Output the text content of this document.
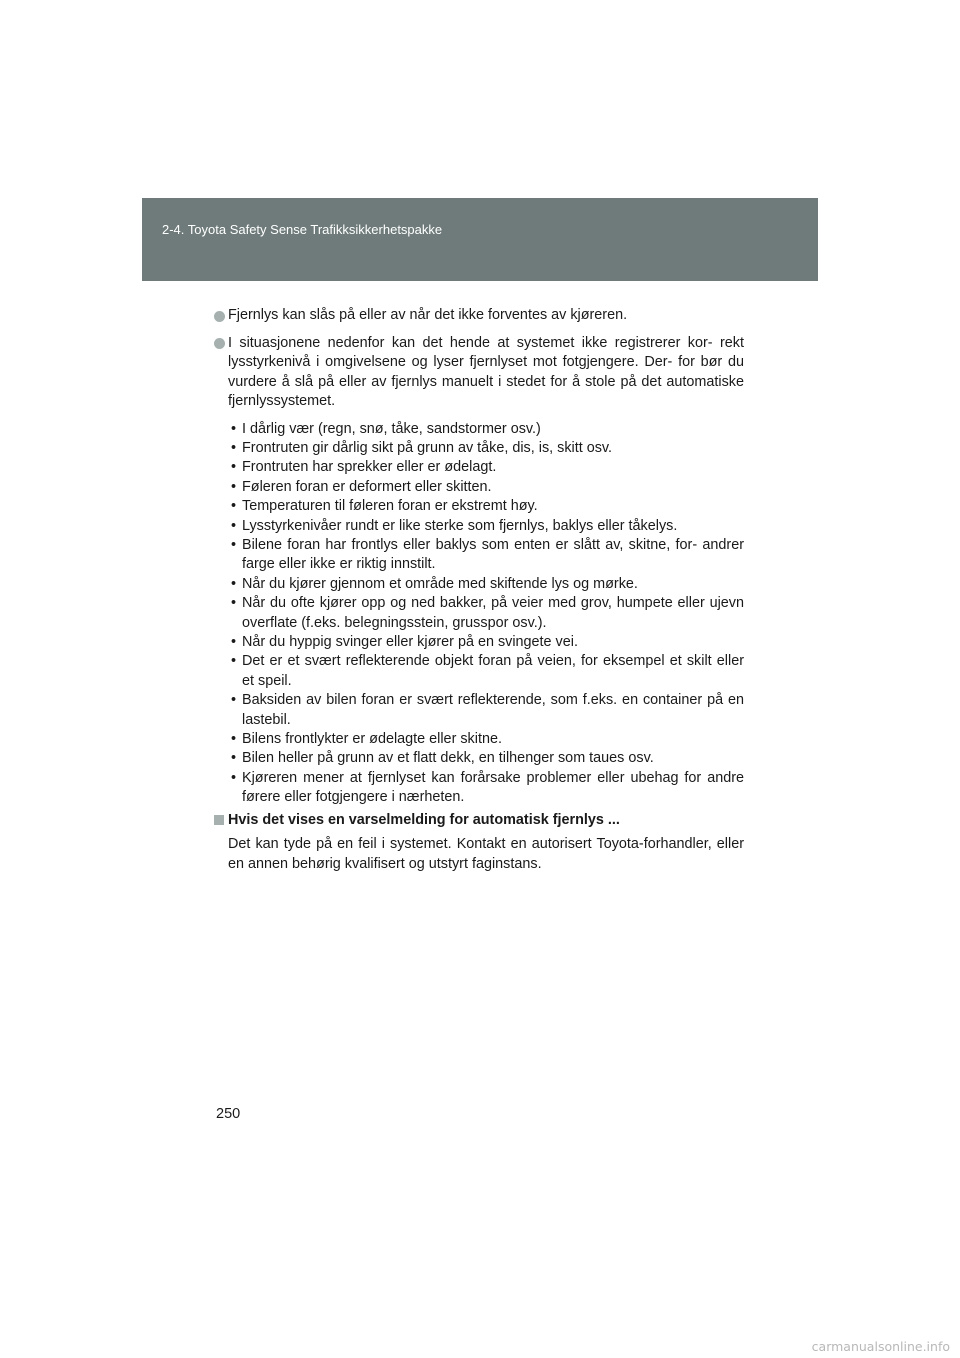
2-4. Toyota Safety Sense Trafikksikkerhetspakke
Fjernlys kan slås på eller av når det ikke forventes av kjøreren.
I situasjonene nedenfor kan det hende at systemet ikke registrerer kor- rekt lysstyrkenivå i omgivelsene og lyser fjernlyset mot fotgjengere. Der- for bør du vurdere å slå på eller av fjernlys manuelt i stedet for å stole på det automatiske fjernlyssystemet.
• I dårlig vær (regn, snø, tåke, sandstormer osv.)
• Frontruten gir dårlig sikt på grunn av tåke, dis, is, skitt osv.
• Frontruten har sprekker eller er ødelagt.
• Føleren foran er deformert eller skitten.
• Temperaturen til føleren foran er ekstremt høy.
• Lysstyrkenivåer rundt er like sterke som fjernlys, baklys eller tåkelys.
• Bilene foran har frontlys eller baklys som enten er slått av, skitne, for- andrer farge eller ikke er riktig innstilt.
• Når du kjører gjennom et område med skiftende lys og mørke.
• Når du ofte kjører opp og ned bakker, på veier med grov, humpete eller ujevn overflate (f.eks. belegningsstein, grusspor osv.).
• Når du hyppig svinger eller kjører på en svingete vei.
• Det er et svært reflekterende objekt foran på veien, for eksempel et skilt eller et speil.
• Baksiden av bilen foran er svært reflekterende, som f.eks. en container på en lastebil.
• Bilens frontlykter er ødelagte eller skitne.
• Bilen heller på grunn av et flatt dekk, en tilhenger som taues osv.
• Kjøreren mener at fjernlyset kan forårsake problemer eller ubehag for andre førere eller fotgjengere i nærheten.
Hvis det vises en varselmelding for automatisk fjernlys ...
Det kan tyde på en feil i systemet. Kontakt en autorisert Toyota-forhandler, eller en annen behørig kvalifisert og utstyrt faginstans.
250
carmanualsonline.info
